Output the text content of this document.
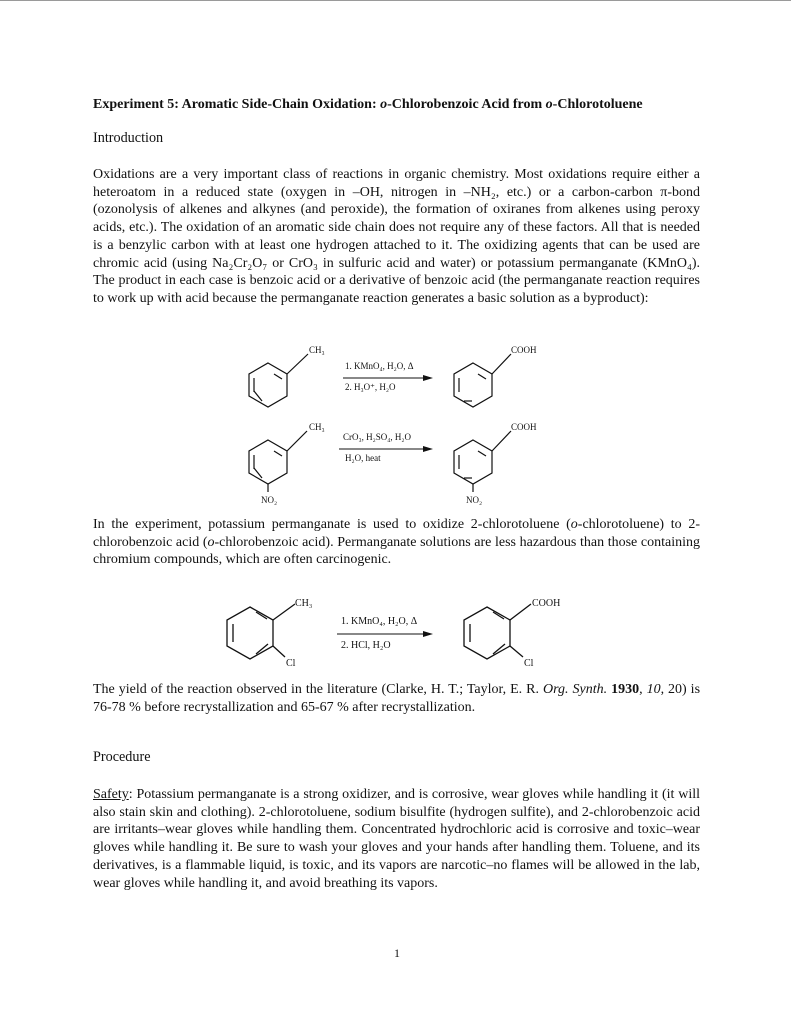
Experiment 5: Aromatic Side-Chain Oxidation: o-Chlorobenzoic Acid from o-Chlorotoluene
Introduction

Oxidations are a very important class of reactions in organic chemistry. Most oxidations require either a heteroatom in a reduced state (oxygen in –OH, nitrogen in –NH₂, etc.) or a carbon-carbon π-bond (ozonolysis of alkenes and alkynes (and peroxide), the formation of oxiranes from alkenes using peroxy acids, etc.). The oxidation of an aromatic side chain does not require any of these factors. All that is needed is a benzylic carbon with at least one hydrogen attached to it. The oxidizing agents that can be used are chromic acid (using Na₂Cr₂O₇ or CrO₃ in sulfuric acid and water) or potassium permanganate (KMnO₄). The product in each case is benzoic acid or a derivative of benzoic acid (the permanganate reaction requires to work up with acid because the permanganate reaction generates a basic solution as a byproduct):

CH₃
1. KMnO₄, H₂O, Δ
2. H₃O⁺, H₂O
COOH
CH₃
NO₂
CrO₃, H₂SO₄, H₂O
H₂O, heat
COOH
NO₂

In the experiment, potassium permanganate is used to oxidize 2-chlorotoluene (o-chlorotoluene) to 2-chlorobenzoic acid (o-chlorobenzoic acid). Permanganate solutions are less hazardous than those containing chromium compounds, which are often carcinogenic.

CH₃
Cl
1. KMnO₄, H₂O, Δ
2. HCl, H₂O
COOH
Cl

The yield of the reaction observed in the literature (Clarke, H. T.; Taylor, E. R. Org. Synth. 1930, 10, 20) is 76-78 % before recrystallization and 65-67 % after recrystallization.

Procedure

Safety: Potassium permanganate is a strong oxidizer, and is corrosive, wear gloves while handling it (it will also stain skin and clothing). 2-chlorotoluene, sodium bisulfite (hydrogen sulfite), and 2-chlorobenzoic acid are irritants–wear gloves while handling them. Concentrated hydrochloric acid is corrosive and toxic–wear gloves while handling it. Be sure to wash your gloves and your hands after handling them. Toluene, and its derivatives, is a flammable liquid, is toxic, and its vapors are narcotic–no flames will be allowed in the lab, wear gloves while handling it, and avoid breathing its vapors.

1
